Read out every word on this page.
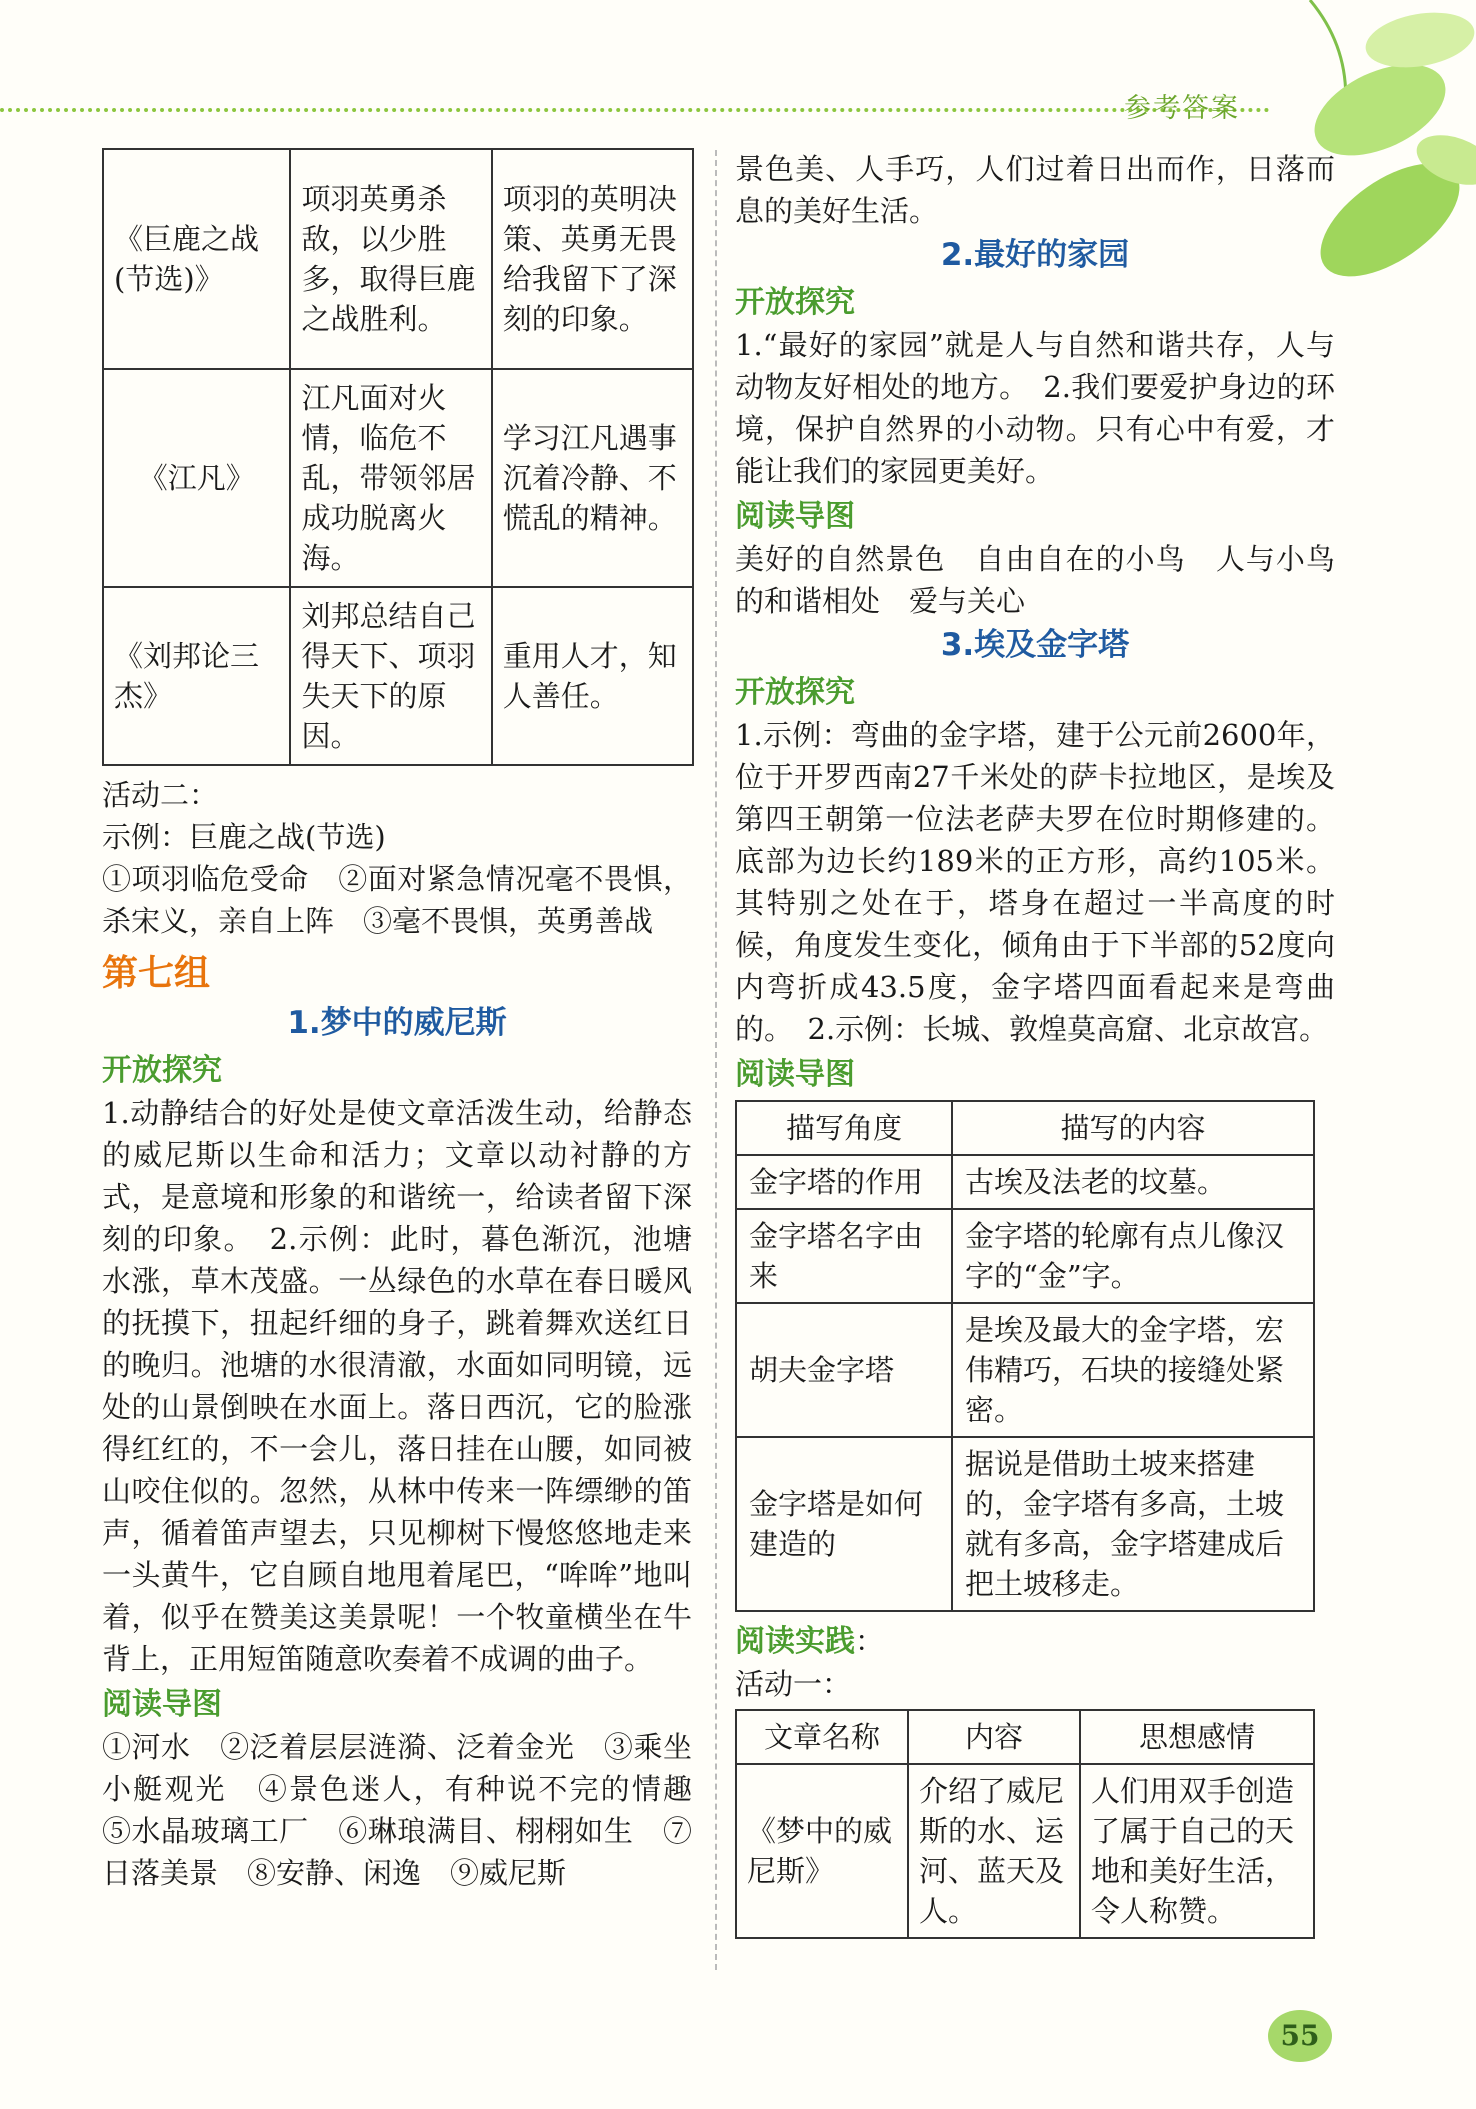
参考答案
《巨鹿之战(节选)》	项羽英勇杀敌，以少胜多，取得巨鹿之战胜利。	项羽的英明决策、英勇无畏给我留下了深刻的印象。
《江凡》	江凡面对火情，临危不乱，带领邻居成功脱离火海。	学习江凡遇事沉着冷静、不慌乱的精神。
《刘邦论三杰》	刘邦总结自己得天下、项羽失天下的原因。	重用人才，知人善任。
活动二：
示例：巨鹿之战(节选)
①项羽临危受命　②面对紧急情况毫不畏惧，杀宋义，亲自上阵　③毫不畏惧，英勇善战
第七组
1.梦中的威尼斯
开放探究
1.动静结合的好处是使文章活泼生动，给静态的威尼斯以生命和活力；文章以动衬静的方式，是意境和形象的和谐统一，给读者留下深刻的印象。　2.示例：此时，暮色渐沉，池塘水涨，草木茂盛。一丛绿色的水草在春日暖风的抚摸下，扭起纤细的身子，跳着舞欢送红日的晚归。池塘的水很清澈，水面如同明镜，远处的山景倒映在水面上。落日西沉，它的脸涨得红红的，不一会儿，落日挂在山腰，如同被山咬住似的。忽然，从林中传来一阵缥缈的笛声，循着笛声望去，只见柳树下慢悠悠地走来一头黄牛，它自顾自地甩着尾巴，“哞哞”地叫着，似乎在赞美这美景呢！一个牧童横坐在牛背上，正用短笛随意吹奏着不成调的曲子。
阅读导图
①河水　②泛着层层涟漪、泛着金光　③乘坐小艇观光　④景色迷人，有种说不完的情趣　⑤水晶玻璃工厂　⑥琳琅满目、栩栩如生　⑦日落美景　⑧安静、闲逸　⑨威尼斯
景色美、人手巧，人们过着日出而作，日落而息的美好生活。
2.最好的家园
开放探究
1.“最好的家园”就是人与自然和谐共存，人与动物友好相处的地方。　2.我们要爱护身边的环境，保护自然界的小动物。只有心中有爱，才能让我们的家园更美好。
阅读导图
美好的自然景色　自由自在的小鸟　人与小鸟的和谐相处　爱与关心
3.埃及金字塔
开放探究
1.示例：弯曲的金字塔，建于公元前2600年，位于开罗西南27千米处的萨卡拉地区，是埃及第四王朝第一位法老萨夫罗在位时期修建的。底部为边长约189米的正方形，高约105米。其特别之处在于，塔身在超过一半高度的时候，角度发生变化，倾角由于下半部的52度向内弯折成43.5度，金字塔四面看起来是弯曲的。　2.示例：长城、敦煌莫高窟、北京故宫。
阅读导图
描写角度	描写的内容
金字塔的作用	古埃及法老的坟墓。
金字塔名字由来	金字塔的轮廓有点儿像汉字的“金”字。
胡夫金字塔	是埃及最大的金字塔，宏伟精巧，石块的接缝处紧密。
金字塔是如何建造的	据说是借助土坡来搭建的，金字塔有多高，土坡就有多高，金字塔建成后把土坡移走。
阅读实践：
活动一：
文章名称	内容	思想感情
《梦中的威尼斯》	介绍了威尼斯的水、运河、蓝天及人。	人们用双手创造了属于自己的天地和美好生活，令人称赞。
55
